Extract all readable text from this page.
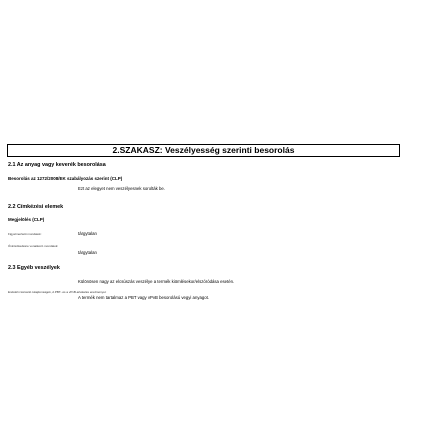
2.SZAKASZ: Veszélyesség szerinti besorolás
2.1 Az anyag vagy keverék besorolása
Besorolás az 1272/2008/EK szabályozás szerint (CLP)
Ezt az elegyet nem veszélyesnek sorolták be.
2.2 Címkézési elemek
Megjelölés (CLP)
Figyelmeztető mondatok:	tárgytalan
Óvintézkedésre vonatkozó mondatok:
tárgytalan
2.3 Egyéb veszélyek
Különösen nagy az elcsúszás veszélye a termék kiömlésekor/elszóródása esetén.
Endokrin károsító tulajdonságok, A PBT- és a vPvB-értékelés eredményei:
A termék nem tartalmaz a PBT vagy vPvB besorolású vegyi anyagot.
